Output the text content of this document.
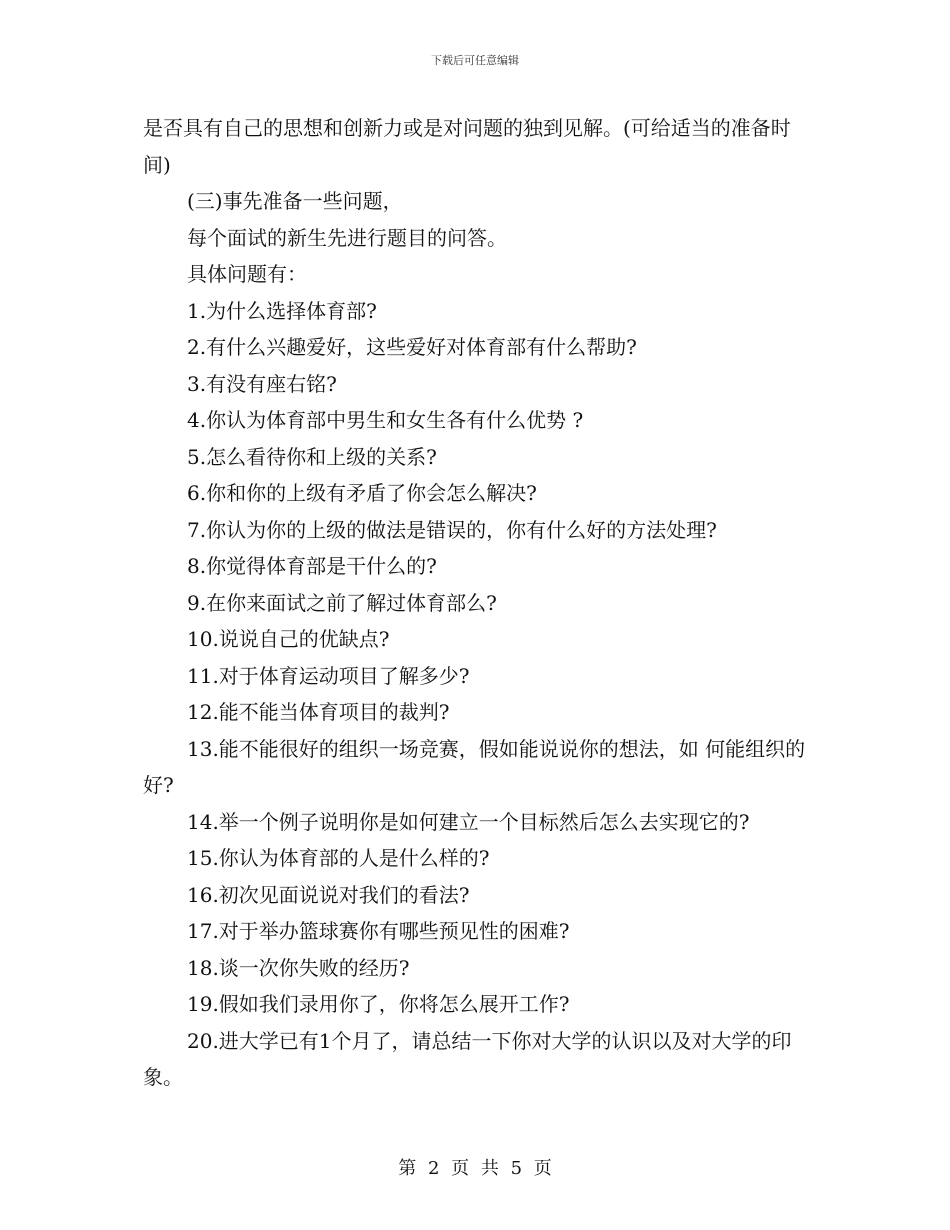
下载后可任意编辑

是否具有自己的思想和创新力或是对问题的独到见解。(可给适当的准备时间)

(三)事先准备一些问题，

每个面试的新生先进行题目的问答。

具体问题有：

1.为什么选择体育部?

2.有什么兴趣爱好，这些爱好对体育部有什么帮助?

3.有没有座右铭?

4.你认为体育部中男生和女生各有什么优势 ?

5.怎么看待你和上级的关系?

6.你和你的上级有矛盾了你会怎么解决?

7.你认为你的上级的做法是错误的，你有什么好的方法处理?

8.你觉得体育部是干什么的?

9.在你来面试之前了解过体育部么?

10.说说自己的优缺点?

11.对于体育运动项目了解多少?

12.能不能当体育项目的裁判?

13.能不能很好的组织一场竞赛，假如能说说你的想法，如 何能组织的好?

14.举一个例子说明你是如何建立一个目标然后怎么去实现它的?

15.你认为体育部的人是什么样的?

16.初次见面说说对我们的看法?

17.对于举办篮球赛你有哪些预见性的困难?

18.谈一次你失败的经历?

19.假如我们录用你了，你将怎么展开工作?

20.进大学已有1个月了，请总结一下你对大学的认识以及对大学的印象。

第 2 页 共 5 页
